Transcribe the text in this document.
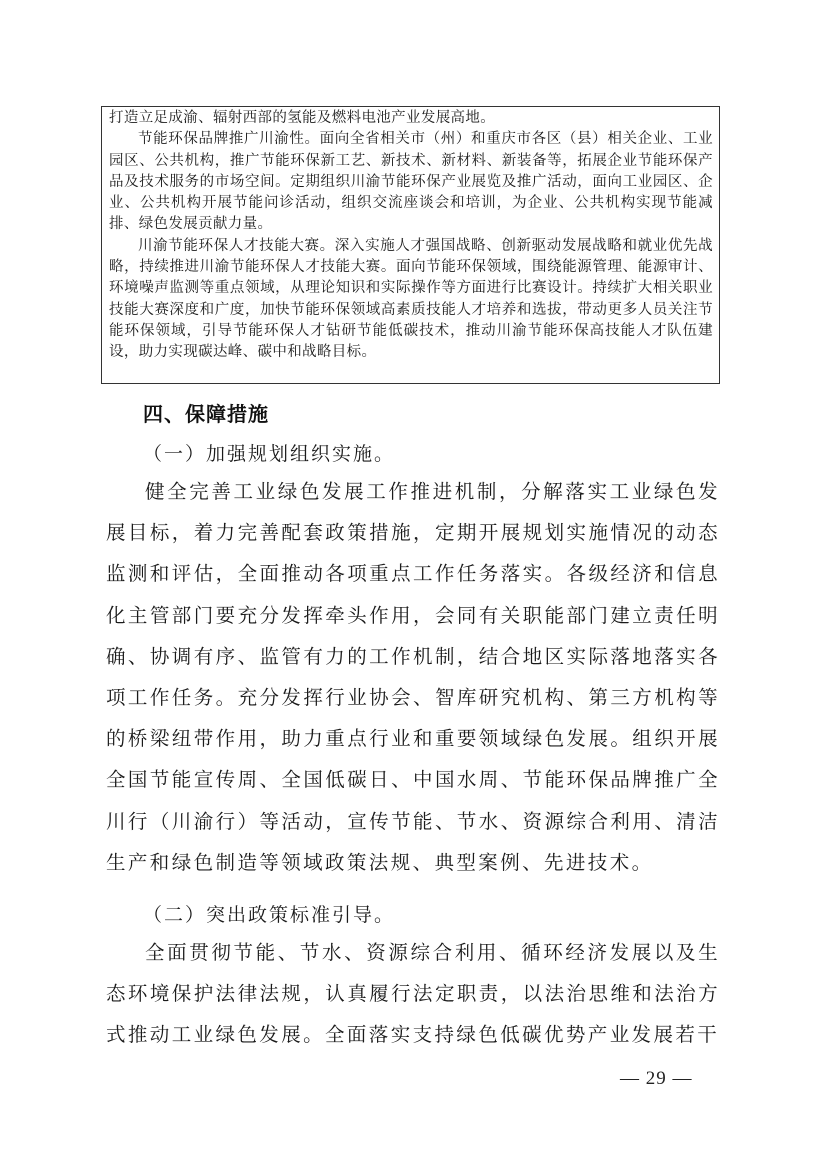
打造立足成渝、辐射西部的氢能及燃料电池产业发展高地。

节能环保品牌推广川渝性。面向全省相关市（州）和重庆市各区（县）相关企业、工业园区、公共机构，推广节能环保新工艺、新技术、新材料、新装备等，拓展企业节能环保产品及技术服务的市场空间。定期组织川渝节能环保产业展览及推广活动，面向工业园区、企业、公共机构开展节能问诊活动，组织交流座谈会和培训，为企业、公共机构实现节能减排、绿色发展贡献力量。

川渝节能环保人才技能大赛。深入实施人才强国战略、创新驱动发展战略和就业优先战略，持续推进川渝节能环保人才技能大赛。面向节能环保领域，围绕能源管理、能源审计、环境噪声监测等重点领域，从理论知识和实际操作等方面进行比赛设计。持续扩大相关职业技能大赛深度和广度，加快节能环保领域高素质技能人才培养和选拔，带动更多人员关注节能环保领域，引导节能环保人才钻研节能低碳技术，推动川渝节能环保高技能人才队伍建设，助力实现碳达峰、碳中和战略目标。

四、保障措施
（一）加强规划组织实施。

健全完善工业绿色发展工作推进机制，分解落实工业绿色发展目标，着力完善配套政策措施，定期开展规划实施情况的动态监测和评估，全面推动各项重点工作任务落实。各级经济和信息化主管部门要充分发挥牵头作用，会同有关职能部门建立责任明确、协调有序、监管有力的工作机制，结合地区实际落地落实各项工作任务。充分发挥行业协会、智库研究机构、第三方机构等的桥梁纽带作用，助力重点行业和重要领域绿色发展。组织开展全国节能宣传周、全国低碳日、中国水周、节能环保品牌推广全川行（川渝行）等活动，宣传节能、节水、资源综合利用、清洁生产和绿色制造等领域政策法规、典型案例、先进技术。

（二）突出政策标准引导。

全面贯彻节能、节水、资源综合利用、循环经济发展以及生态环境保护法律法规，认真履行法定职责，以法治思维和法治方式推动工业绿色发展。全面落实支持绿色低碳优势产业发展若干

— 29 —
